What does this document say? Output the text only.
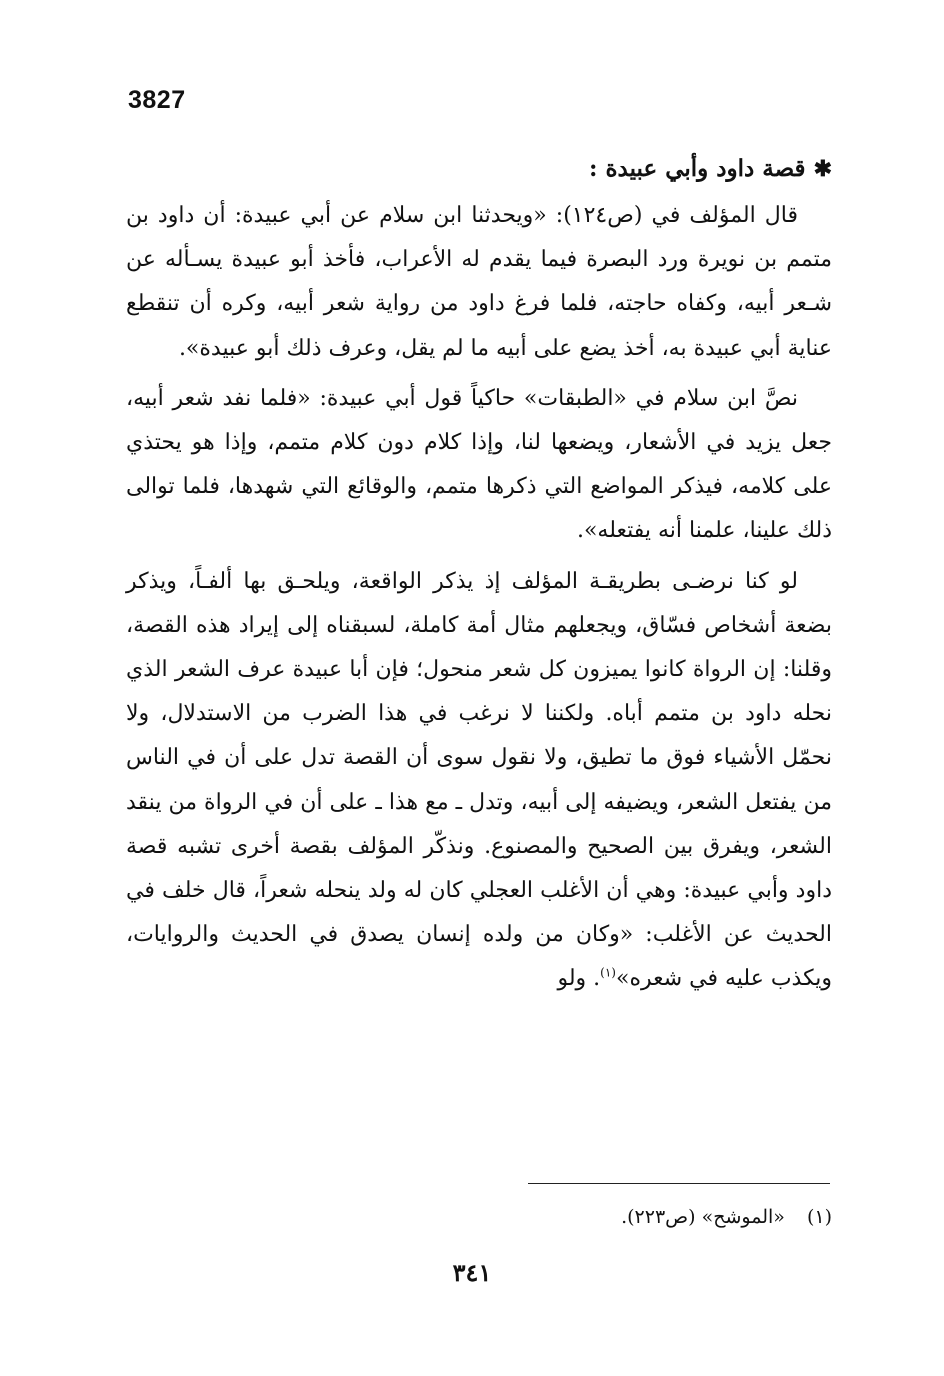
3827
✱
قصة داود وأبي عبيدة :

قال المؤلف في (ص١٢٤): «ويحدثنا ابن سلام عن أبي عبيدة: أن داود بن متمم بن نويرة ورد البصرة فيما يقدم له الأعراب، فأخذ أبو عبيدة يسـأله عن شـعر أبيه، وكفاه حاجته، فلما فرغ داود من رواية شعر أبيه، وكره أن تنقطع عناية أبي عبيدة به، أخذ يضع على أبيه ما لم يقل، وعرف ذلك أبو عبيدة».

نصَّ ابن سلام في «الطبقات» حاكياً قول أبي عبيدة: «فلما نفد شعر أبيه، جعل يزيد في الأشعار، ويضعها لنا، وإذا كلام دون كلام متمم، وإذا هو يحتذي على كلامه، فيذكر المواضع التي ذكرها متمم، والوقائع التي شهدها، فلما توالى ذلك علينا، علمنا أنه يفتعله».

لو كنا نرضـى بطريقـة المؤلف إذ يذكر الواقعة، ويلحـق بها ألفـاً، ويذكر بضعة أشخاص فسّاق، ويجعلهم مثال أمة كاملة، لسبقناه إلى إيراد هذه القصة، وقلنا: إن الرواة كانوا يميزون كل شعر منحول؛ فإن أبا عبيدة عرف الشعر الذي نحله داود بن متمم أباه. ولكننا لا نرغب في هذا الضرب من الاستدلال، ولا نحمّل الأشياء فوق ما تطيق، ولا نقول سوى أن القصة تدل على أن في الناس من يفتعل الشعر، ويضيفه إلى أبيه، وتدل ـ مع هذا ـ على أن في الرواة من ينقد الشعر، ويفرق بين الصحيح والمصنوع. ونذكّر المؤلف بقصة أخرى تشبه قصة داود وأبي عبيدة: وهي أن الأغلب العجلي كان له ولد ينحله شعراً، قال خلف في الحديث عن الأغلب: «وكان من ولده إنسان يصدق في الحديث والروايات، ويكذب عليه في شعره»$^{(١)}$. ولو

(١) «الموشح» (ص٢٢٣).
٣٤١
